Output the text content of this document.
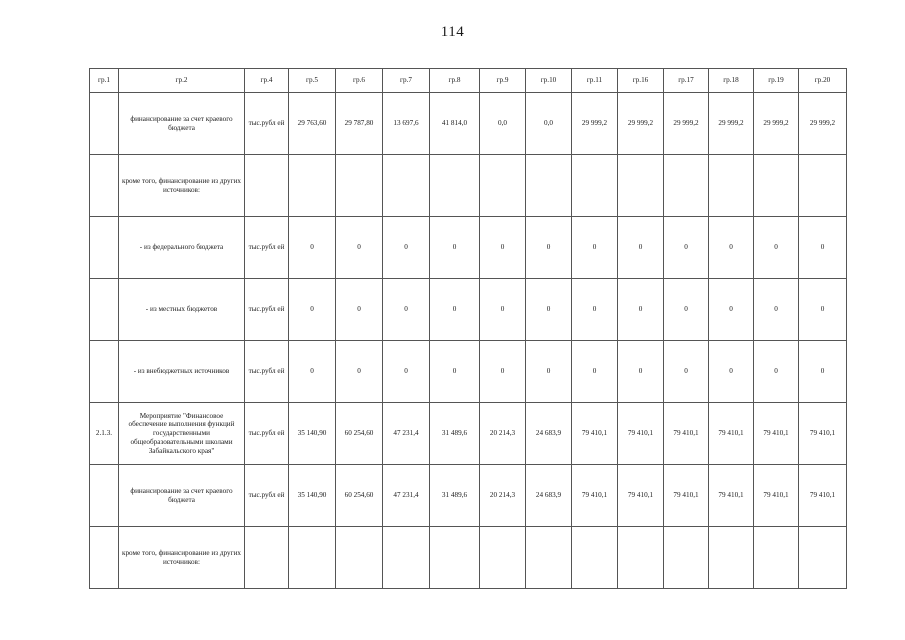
114
гр.1	гр.2	гр.4	гр.5	гр.6	гр.7	гр.8	гр.9	гр.10	гр.11	гр.16	гр.17	гр.18	гр.19	гр.20
	финансирование за счет краевого бюджета	тыс.рубл ей	29 763,60	29 787,80	13 697,6	41 814,0	0,0	0,0	29 999,2	29 999,2	29 999,2	29 999,2	29 999,2	29 999,2
	кроме того, финансирование из других источников:													
	- из федерального бюджета	тыс.рубл ей	0	0	0	0	0	0	0	0	0	0	0	0
	- из местных бюджетов	тыс.рубл ей	0	0	0	0	0	0	0	0	0	0	0	0
	- из внебюджетных источников	тыс.рубл ей	0	0	0	0	0	0	0	0	0	0	0	0
2.1.3.	Мероприятие "Финансовое обеспечение выполнения функций государственными общеобразовательными школами Забайкальского края"	тыс.рубл ей	35 140,90	60 254,60	47 231,4	31 489,6	20 214,3	24 683,9	79 410,1	79 410,1	79 410,1	79 410,1	79 410,1	79 410,1
	финансирование за счет краевого бюджета	тыс.рубл ей	35 140,90	60 254,60	47 231,4	31 489,6	20 214,3	24 683,9	79 410,1	79 410,1	79 410,1	79 410,1	79 410,1	79 410,1
	кроме того, финансирование из других источников:													
